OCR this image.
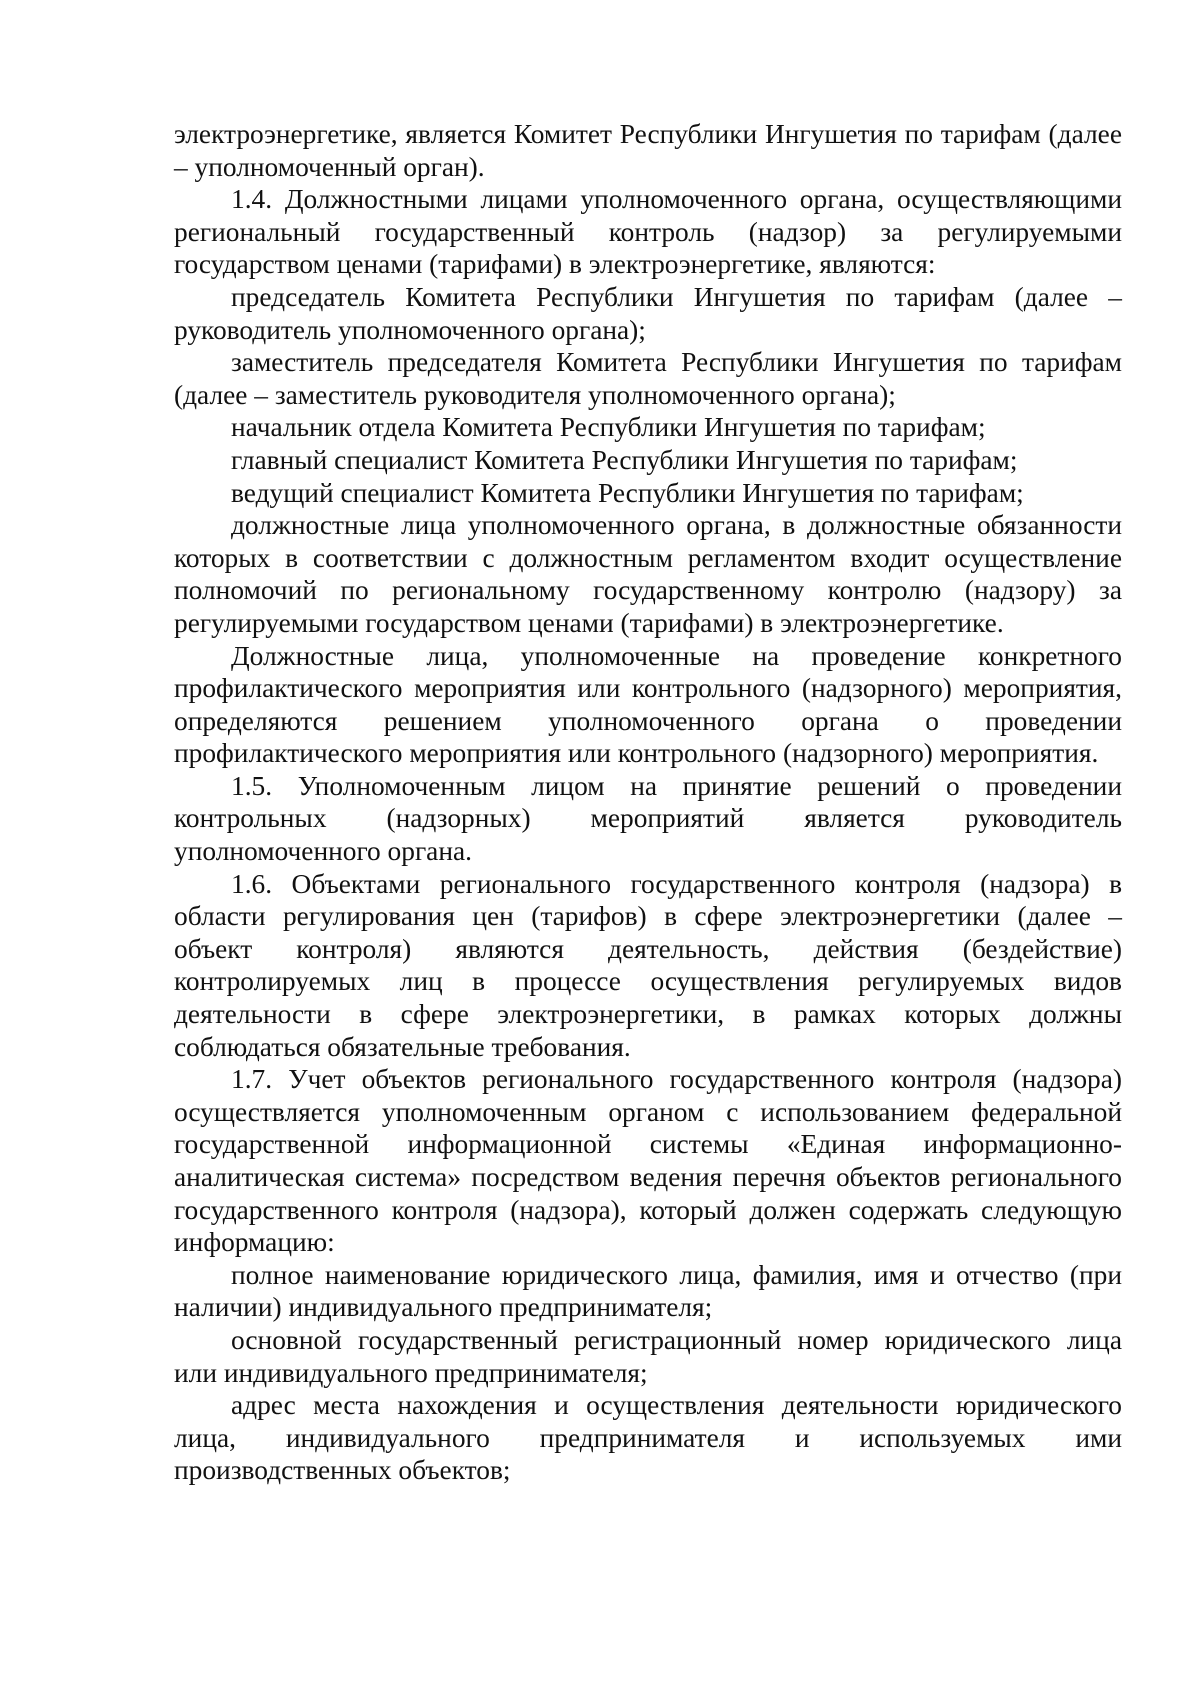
электроэнергетике, является Комитет Республики Ингушетия по тарифам (далее – уполномоченный орган).

1.4. Должностными лицами уполномоченного органа, осуществляющими региональный государственный контроль (надзор) за регулируемыми государством ценами (тарифами) в электроэнергетике, являются:

председатель Комитета Республики Ингушетия по тарифам (далее – руководитель уполномоченного органа);

заместитель председателя Комитета Республики Ингушетия по тарифам (далее – заместитель руководителя уполномоченного органа);

начальник отдела Комитета Республики Ингушетия по тарифам;

главный специалист Комитета Республики Ингушетия по тарифам;

ведущий специалист Комитета Республики Ингушетия по тарифам;

должностные лица уполномоченного органа, в должностные обязанности которых в соответствии с должностным регламентом входит осуществление полномочий по региональному государственному контролю (надзору) за регулируемыми государством ценами (тарифами) в электроэнергетике.

Должностные лица, уполномоченные на проведение конкретного профилактического мероприятия или контрольного (надзорного) мероприятия, определяются решением уполномоченного органа о проведении профилактического мероприятия или контрольного (надзорного) мероприятия.

1.5. Уполномоченным лицом на принятие решений о проведении контрольных (надзорных) мероприятий является руководитель уполномоченного органа.

1.6. Объектами регионального государственного контроля (надзора) в области регулирования цен (тарифов) в сфере электроэнергетики (далее – объект контроля) являются деятельность, действия (бездействие) контролируемых лиц в процессе осуществления регулируемых видов деятельности в сфере электроэнергетики, в рамках которых должны соблюдаться обязательные требования.

1.7. Учет объектов регионального государственного контроля (надзора) осуществляется уполномоченным органом с использованием федеральной государственной информационной системы «Единая информационно-аналитическая система» посредством ведения перечня объектов регионального государственного контроля (надзора), который должен содержать следующую информацию:

полное наименование юридического лица, фамилия, имя и отчество (при наличии) индивидуального предпринимателя;

основной государственный регистрационный номер юридического лица или индивидуального предпринимателя;

адрес места нахождения и осуществления деятельности юридического лица, индивидуального предпринимателя и используемых ими производственных объектов;
